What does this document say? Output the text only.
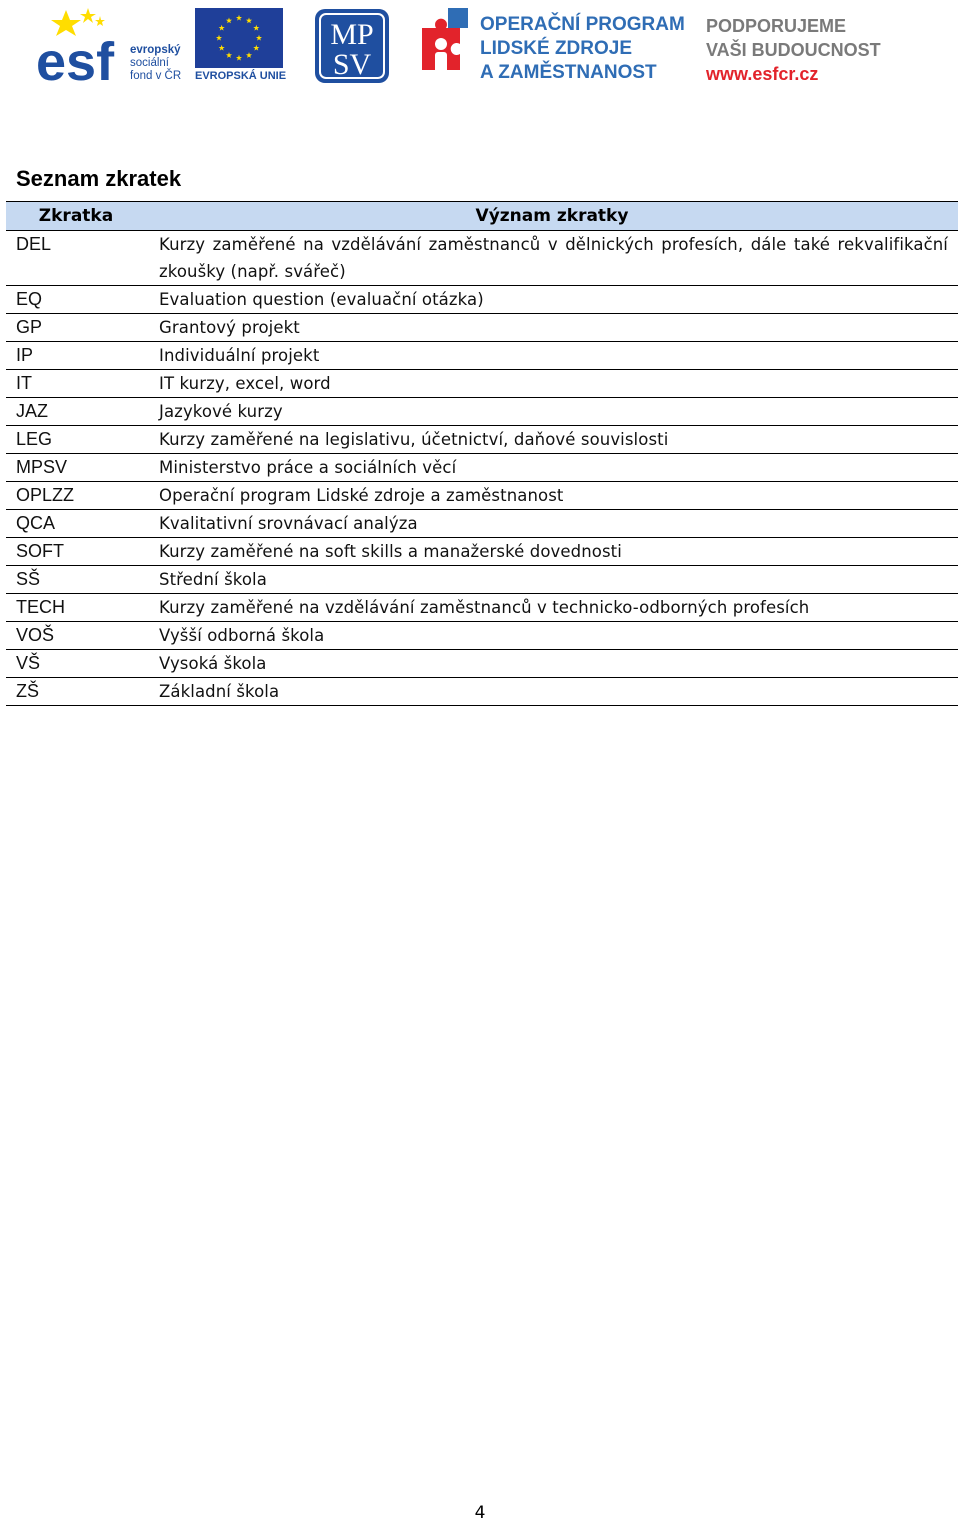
esf evropský
sociální
fond v ČR EVROPSKÁ UNIE
MP
SV
OPERAČNÍ PROGRAM
LIDSKÉ ZDROJE
A ZAMĚSTNANOST
PODPORUJEME
VAŠI BUDOUCNOST
www.esfcr.cz
Seznam zkratek
Zkratka	Význam zkratky
DEL	Kurzy zaměřené na vzdělávání zaměstnanců v dělnických profesích, dále také rekvalifikační zkoušky (např. svářeč)
EQ	Evaluation question (evaluační otázka)
GP	Grantový projekt
IP	Individuální projekt
IT	IT kurzy, excel, word
JAZ	Jazykové kurzy
LEG	Kurzy zaměřené na legislativu, účetnictví, daňové souvislosti
MPSV	Ministerstvo práce a sociálních věcí
OPLZZ	Operační program Lidské zdroje a zaměstnanost
QCA	Kvalitativní srovnávací analýza
SOFT	Kurzy zaměřené na soft skills a manažerské dovednosti
SŠ	Střední škola
TECH	Kurzy zaměřené na vzdělávání zaměstnanců v technicko-odborných profesích
VOŠ	Vyšší odborná škola
VŠ	Vysoká škola
ZŠ	Základní škola
4
